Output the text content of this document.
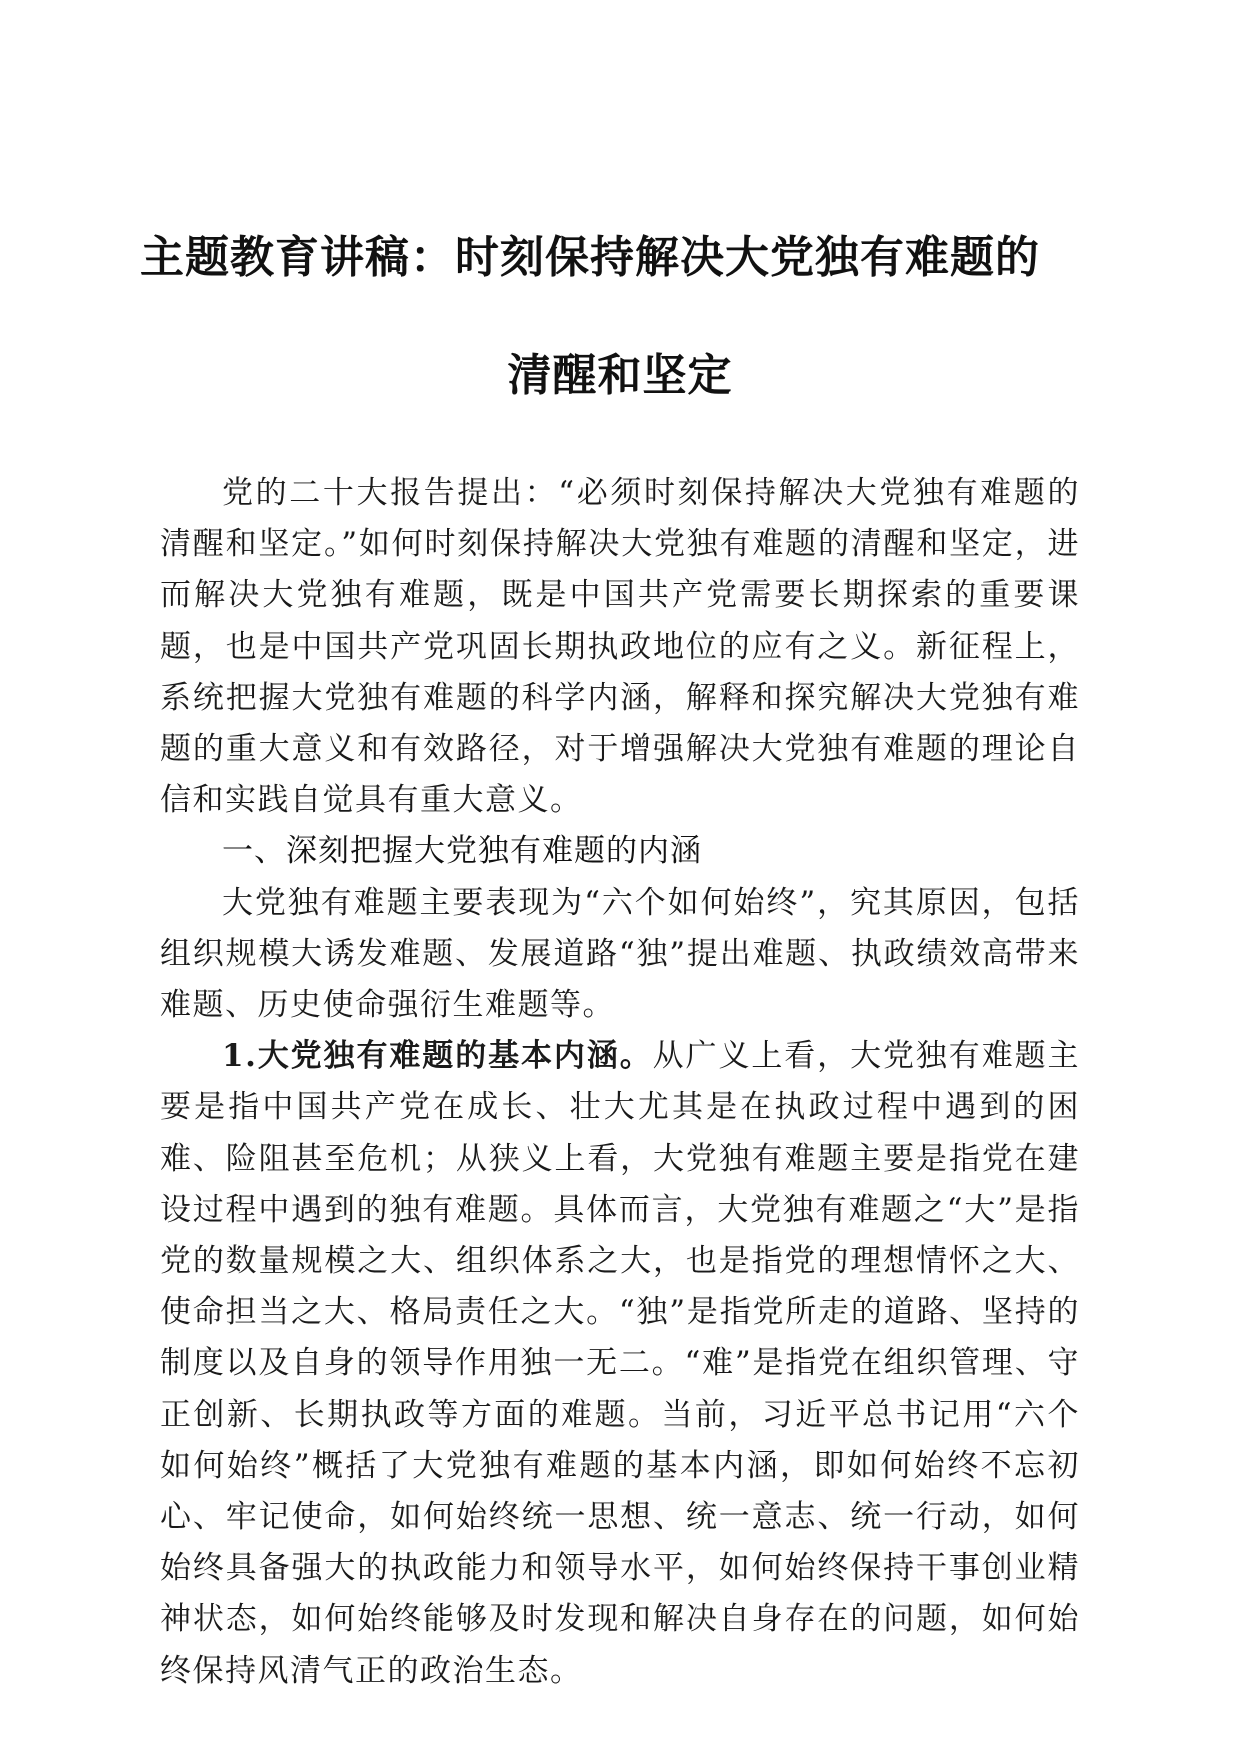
主题教育讲稿：时刻保持解决大党独有难题的
清醒和坚定

党的二十大报告提出：“必须时刻保持解决大党独有难题的清醒和坚定。”如何时刻保持解决大党独有难题的清醒和坚定，进而解决大党独有难题，既是中国共产党需要长期探索的重要课题，也是中国共产党巩固长期执政地位的应有之义。新征程上，系统把握大党独有难题的科学内涵，解释和探究解决大党独有难题的重大意义和有效路径，对于增强解决大党独有难题的理论自信和实践自觉具有重大意义。

一、深刻把握大党独有难题的内涵

大党独有难题主要表现为“六个如何始终”，究其原因，包括组织规模大诱发难题、发展道路“独”提出难题、执政绩效高带来难题、历史使命强衍生难题等。

1.大党独有难题的基本内涵。从广义上看，大党独有难题主要是指中国共产党在成长、壮大尤其是在执政过程中遇到的困难、险阻甚至危机；从狭义上看，大党独有难题主要是指党在建设过程中遇到的独有难题。具体而言，大党独有难题之“大”是指党的数量规模之大、组织体系之大，也是指党的理想情怀之大、使命担当之大、格局责任之大。“独”是指党所走的道路、坚持的制度以及自身的领导作用独一无二。“难”是指党在组织管理、守正创新、长期执政等方面的难题。当前，习近平总书记用“六个如何始终”概括了大党独有难题的基本内涵，即如何始终不忘初心、牢记使命，如何始终统一思想、统一意志、统一行动，如何始终具备强大的执政能力和领导水平，如何始终保持干事创业精神状态，如何始终能够及时发现和解决自身存在的问题，如何始终保持风清气正的政治生态。
